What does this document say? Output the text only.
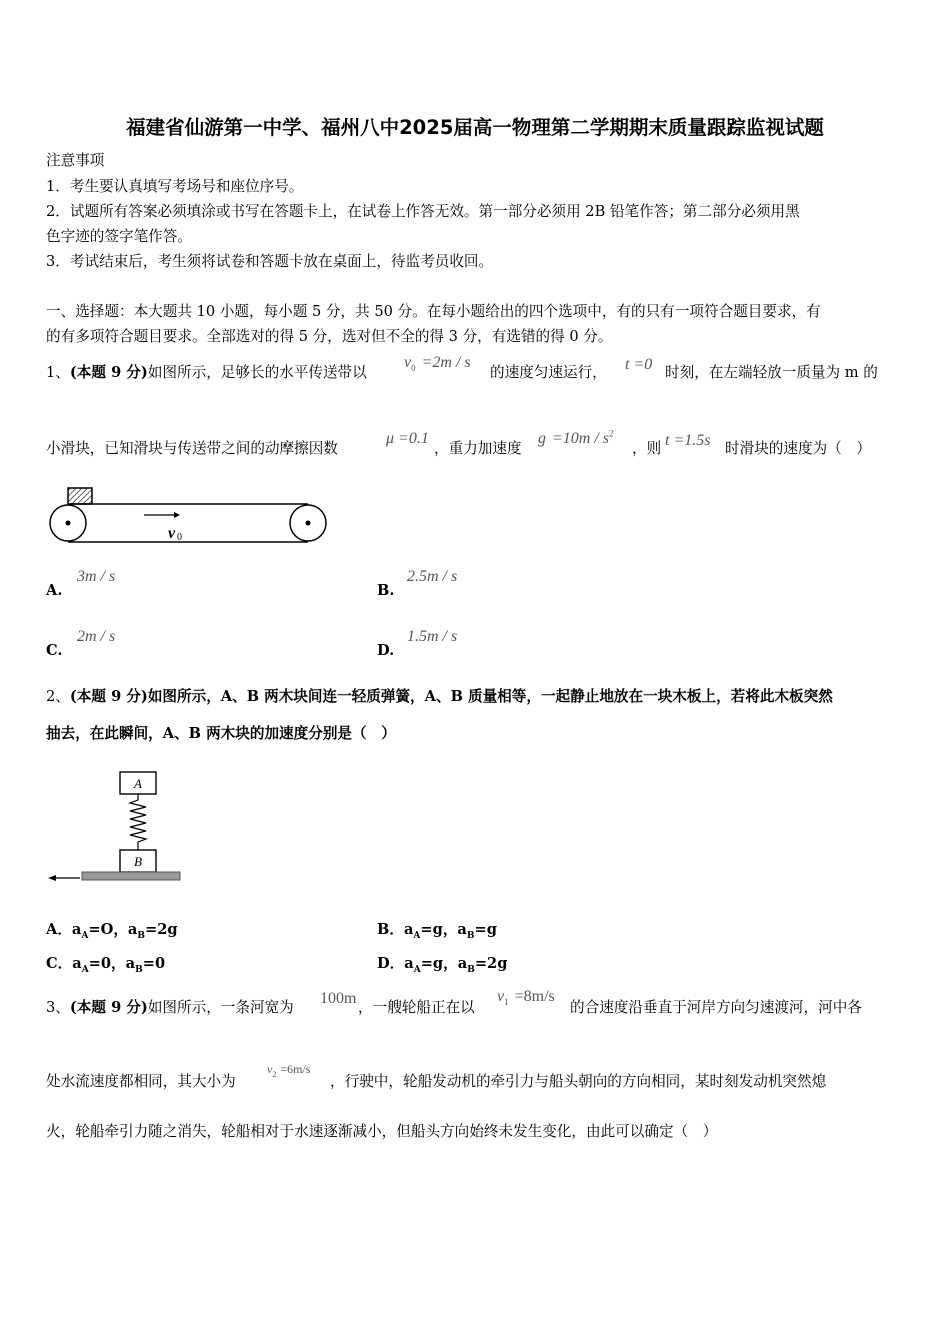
福建省仙游第一中学、福州八中2025届高一物理第二学期期末质量跟踪监视试题
注意事项
1．考生要认真填写考场号和座位序号。
2．试题所有答案必须填涂或书写在答题卡上，在试卷上作答无效。第一部分必须用 2B 铅笔作答；第二部分必须用黑
色字迹的签字笔作答。
3．考试结束后，考生须将试卷和答题卡放在桌面上，待监考员收回。
一、选择题：本大题共 10 小题，每小题 5 分，共 50 分。在每小题给出的四个选项中，有的只有一项符合题目要求，有
的有多项符合题目要求。全部选对的得 5 分，选对但不全的得 3 分，有选错的得 0 分。
1、(本题 9 分)如图所示，足够长的水平传送带以
$v_0 =2m / s$
的速度匀速运行， t =0 时刻，在左端轻放一质量为 m 的
小滑块，已知滑块与传送带之间的动摩擦因数
μ =0.1
，重力加速度
$g =10m / s^2$
，则 t =1.5s 时滑块的速度为（　）
v 0
A.
3m / s
B.
2.5m / s
C.
2m / s
D.
1.5m / s
2、(本题 9 分)如图所示，A、B 两木块间连一轻质弹簧，A、B 质量相等，一起静止地放在一块木板上，若将此木板突然
抽去，在此瞬间，A、B 两木块的加速度分别是（　）
A
B
A．$a_A=O$，$a_B=2g$	B．$a_A=g$，$a_B=g$
C．$a_A=0$，$a_B=0$	D．$a_A=g$，$a_B=2g$
3、(本题 9 分)如图所示，一条河宽为
100m
，一艘轮船正在以
$v_1 =8m/s$
的合速度沿垂直于河岸方向匀速渡河，河中各
处水流速度都相同，其大小为
$v_2 =6m/s$
，行驶中，轮船发动机的牵引力与船头朝向的方向相同，某时刻发动机突然熄
火，轮船牵引力随之消失，轮船相对于水速逐渐减小，但船头方向始终未发生变化，由此可以确定（　）
